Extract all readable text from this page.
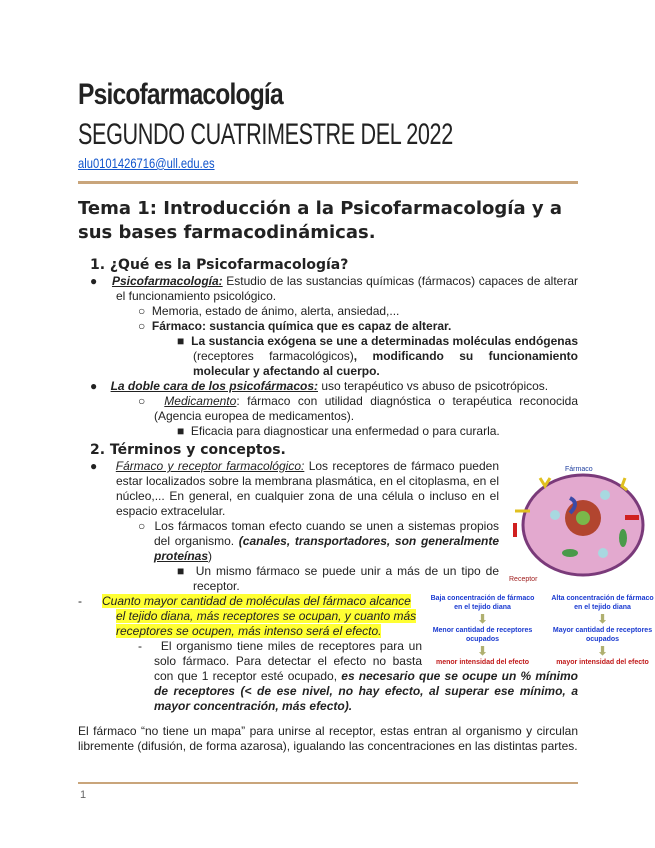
Psicofarmacología
SEGUNDO CUATRIMESTRE DEL 2022
alu0101426716@ull.edu.es
Tema 1: Introducción a la Psicofarmacología y a sus bases farmacodinámicas.

1. ¿Qué es la Psicofarmacología?

●    Psicofarmacología: Estudio de las sustancias químicas (fármacos) capaces de alterar el funcionamiento psicológico.

○  Memoria, estado de ánimo, alerta, ansiedad,...

○  Fármaco: sustancia química que es capaz de alterar.

■  La sustancia exógena se une a determinadas moléculas endógenas (receptores farmacológicos), modificando su funcionamiento molecular y afectando al cuerpo.

●    La doble cara de los psicofármacos: uso terapéutico vs abuso de psicotrópicos.

○  Medicamento: fármaco con utilidad diagnóstica o terapéutica reconocida (Agencia europea de medicamentos).

■  Eficacia para diagnosticar una enfermedad o para curarla.

2. Términos y conceptos.

Fármaco
Receptor

●    Fármaco y receptor farmacológico: Los receptores de fármaco pueden estar localizados sobre la membrana plasmática, en el citoplasma, en el núcleo,... En general, en cualquier zona de una célula o incluso en el espacio extracelular.

○  Los fármacos toman efecto cuando se unen a sistemas propios del organismo. (canales, transportadores, son generalmente proteínas)

■  Un mismo fármaco se puede unir a más de un tipo de receptor.

Baja concentración de fármaco en el tejido diana
⬇
Menor cantidad de receptores ocupados
⬇
menor intensidad del efecto
Alta concentración de fármaco en el tejido diana
⬇
Mayor cantidad de receptores ocupados
⬇
mayor intensidad del efecto

-      Cuanto mayor cantidad de moléculas del fármaco alcance el tejido diana, más receptores se ocupan, y cuanto más receptores se ocupen, más intenso será el efecto.

-    El organismo tiene miles de receptores para un solo fármaco. Para detectar el efecto no basta con que 1 receptor esté ocupado, es necesario que se ocupe un % mínimo de receptores (< de ese nivel, no hay efecto, al superar ese mínimo, a mayor concentración, más efecto).

El fármaco “no tiene un mapa” para unirse al receptor, estas entran al organismo y circulan libremente (difusión, de forma azarosa), igualando las concentraciones en las distintas partes.

1
